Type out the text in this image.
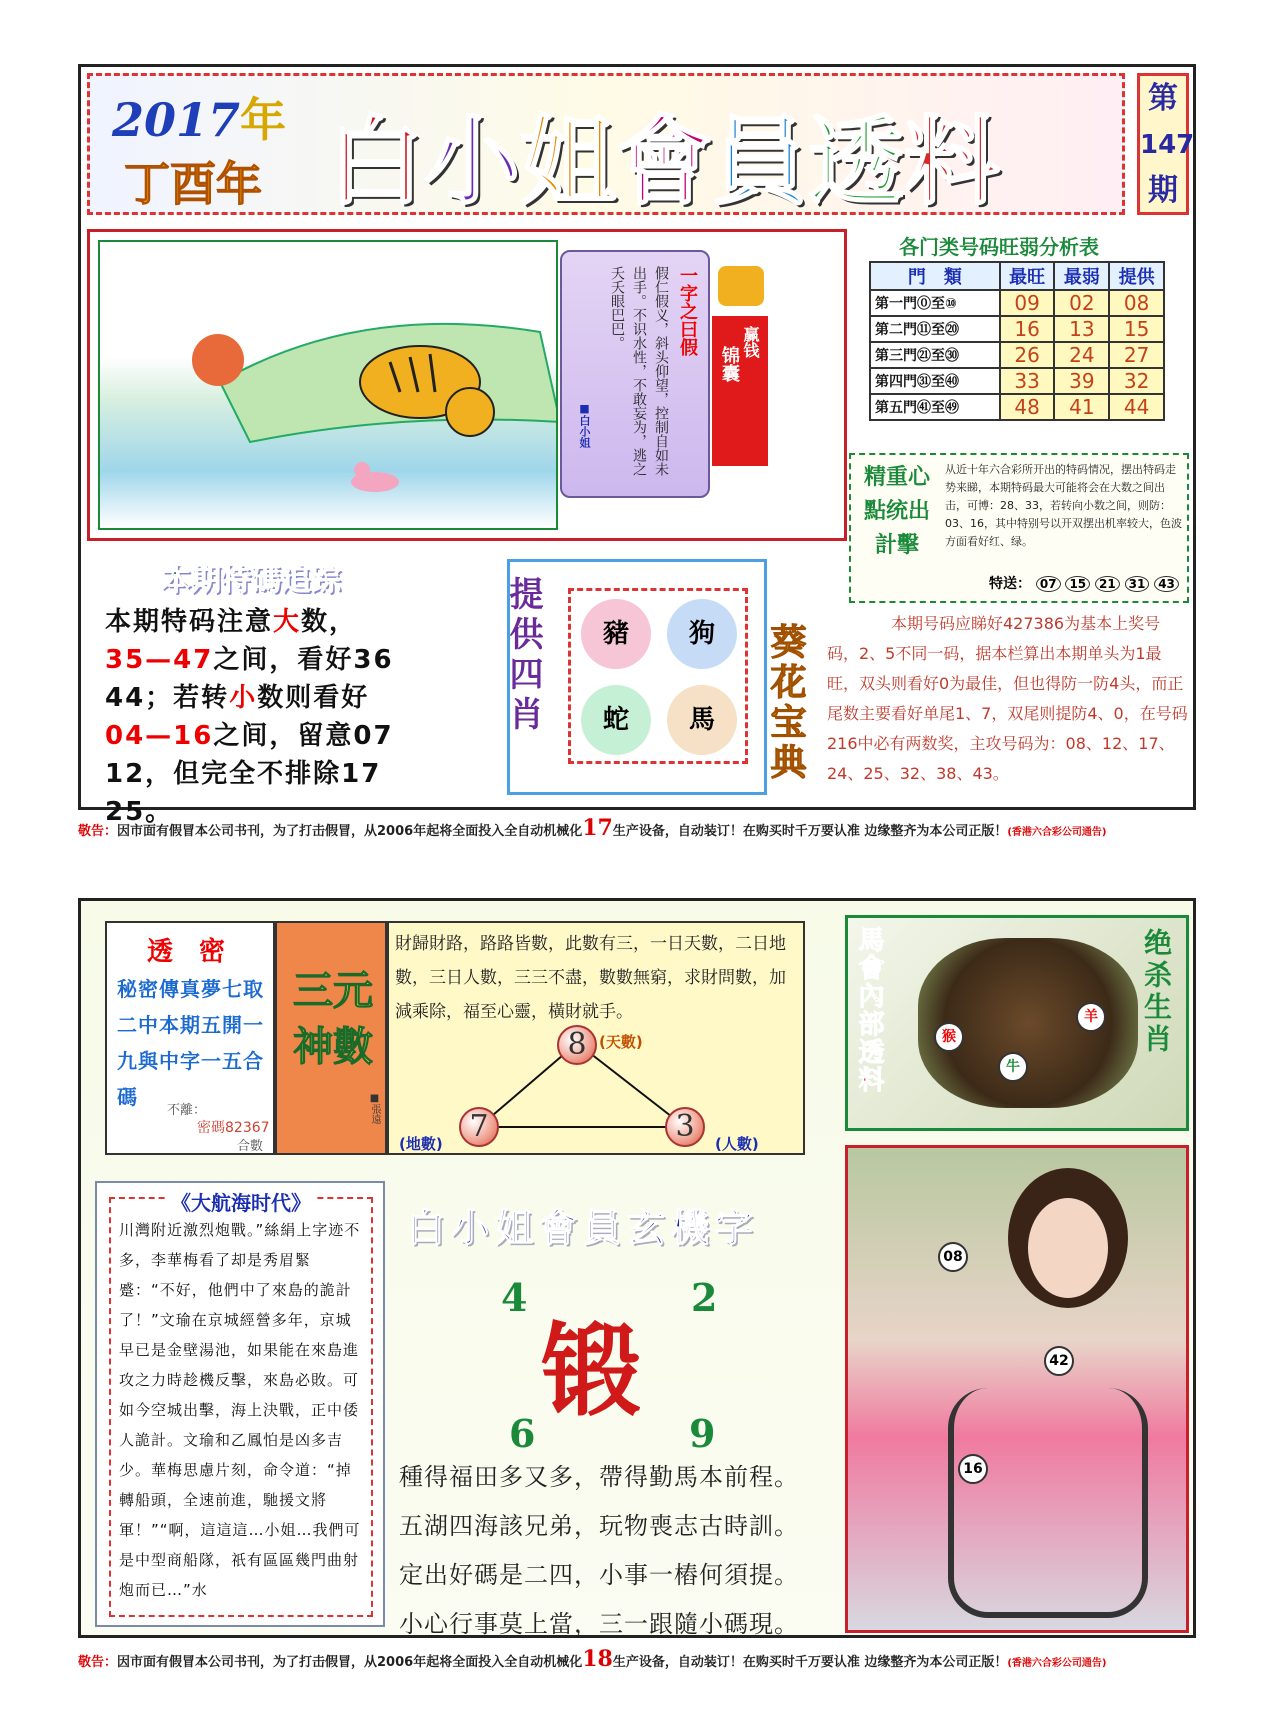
2017年
丁酉年 白小姐會員透料
第
147
期
一字之曰假
假仁假义，斜头仰望，控制自如未出手。不识水性，不敢妄为，逃之夭夭眼巴巴。
■白小姐
锦囊
赢钱
各门类号码旺弱分析表
門　類	最旺	最弱	提供
第一門⓪至⑩	09	02	08
第二門⑪至⑳	16	13	15
第三門㉑至㉚	26	24	27
第四門㉛至㊵	33	39	32
第五門㊶至㊾	48	41	44
精重心點统出計擊
从近十年六合彩所开出的特码情况，摆出特码走势来睇，本期特码最大可能将会在大数之间出击，可博：28、33，若转向小数之间，则防：03、16，其中特别号以开双摆出机率较大，色波方面看好红、绿。
特送： 07 15 21 31 43
本期特碼追踪
本期特码注意大数，
35—47之间，看好36
44；若转小数则看好
04—16之间，留意07
12，但完全不排除17
25。
提供四肖	豬	狗
蛇	馬	葵花宝典	本期号码应睇好427386为基本上奖号码，2、5不同一码，据本栏算出本期单头为1最旺，双头则看好0为最佳，但也得防一防4头，而正尾数主要看好单尾1、7，双尾则提防4、0，在号码216中必有两数奖，主攻号码为：08、12、17、24、25、32、38、43。
敬告：因市面有假冒本公司书刊，为了打击假冒，从2006年起将全面投入全自动机械化17生产设备，自动装订！在购买时千万要认准 边缘整齐为本公司正版！(香港六合彩公司通告)
透　密
秘密傳真夢七取二中本期五開一九與中字一五合碼
不離：
密碼82367
合數
三元神數
■張遠
財歸財路，路路皆數，此數有三，一日天數，二日地數，三日人數，三三不盡，數數無窮，求財問數，加減乘除，福至心靈，橫財就手。
8 (天數)
7
(地數)	3	(人數)
馬會內部透料	绝杀生肖
猴
牛
羊
《大航海时代》
川灣附近激烈炮戰。”絲絹上字迹不多，李華梅看了却是秀眉緊蹙：“不好，他們中了來島的詭計了！”文瑜在京城經營多年，京城早已是金壁湯池，如果能在來島進攻之力時趁機反擊，來島必敗。可如今空城出擊，海上決戰，正中倭人詭計。文瑜和乙鳳怕是凶多吉少。華梅思慮片刻，命令道：“掉轉船頭，全速前進，馳援文將軍！”“啊，這這這…小姐…我們可是中型商船隊，祇有區區幾門曲射炮而已…”水
白小姐會員玄機字
锻
4	2
6	9
種得福田多又多，帶得勤馬本前程。
五湖四海該兄弟，玩物喪志古時訓。
定出好碼是二四，小事一樁何須提。
小心行事莫上當，三一跟隨小碼現。
08
42
16
敬告：因市面有假冒本公司书刊，为了打击假冒，从2006年起将全面投入全自动机械化18生产设备，自动装订！在购买时千万要认准 边缘整齐为本公司正版！(香港六合彩公司通告)
